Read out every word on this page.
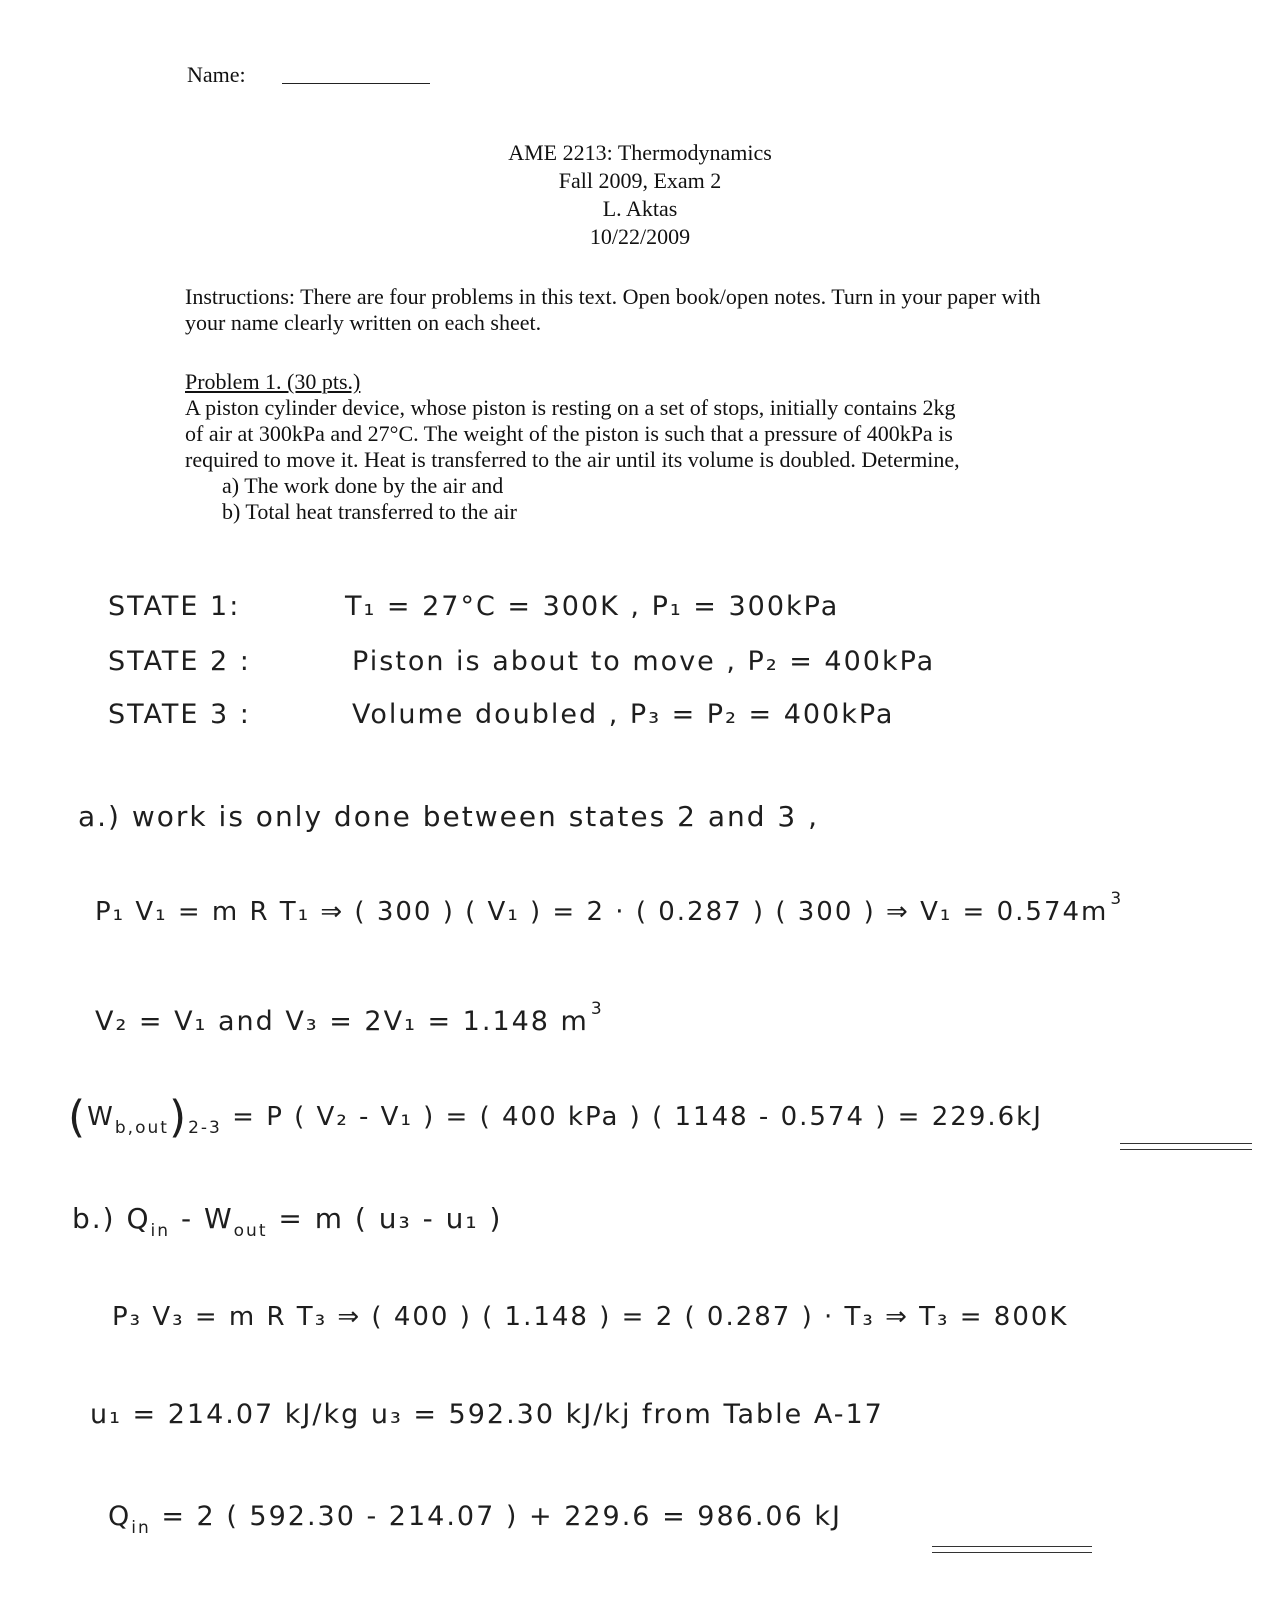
Name:
AME 2213: Thermodynamics
Fall 2009, Exam 2
L. Aktas
10/22/2009
Instructions: There are four problems in this text. Open book/open notes. Turn in your paper with your name clearly written on each sheet.
Problem 1. (30 pts.)
A piston cylinder device, whose piston is resting on a set of stops, initially contains 2kg
of air at 300kPa and 27°C. The weight of the piston is such that a pressure of 400kPa is
required to move it. Heat is transferred to the air until its volume is doubled. Determine,
a) The work done by the air and
b) Total heat transferred to the air
STATE 1:	T₁ = 27°C = 300K , P₁ = 300kPa
STATE 2 :	Piston is about to move , P₂ = 400kPa
STATE 3 :	Volume doubled , P₃ = P₂ = 400kPa
a.) work is only done between states 2 and 3 ,
P₁ V₁ = m R T₁ ⇒ ( 300 ) ( V₁ ) = 2 · ( 0.287 ) ( 300 ) ⇒ V₁ = 0.574m $^3$
V₂ = V₁ and V₃ = 2V₁ = 1.148 m $^3$
$(W_{b,out})_{2-3} = P$ ( V₂ - V₁ ) = ( 400 kPa ) ( 1148 - 0.574 ) = 229.6kJ
b.) $Q_{in} - W_{out} = m$ ( u₃ - u₁ )
P₃ V₃ = m R T₃ ⇒ ( 400 ) ( 1.148 ) = 2 ( 0.287 ) · T₃ ⇒ T₃ = 800K
u₁ = 214.07 kJ/kg u₃ = 592.30 kJ/kj from Table A-17
$Q_{in} = 2$ ( 592.30 - 214.07 ) + 229.6 = 986.06 kJ
